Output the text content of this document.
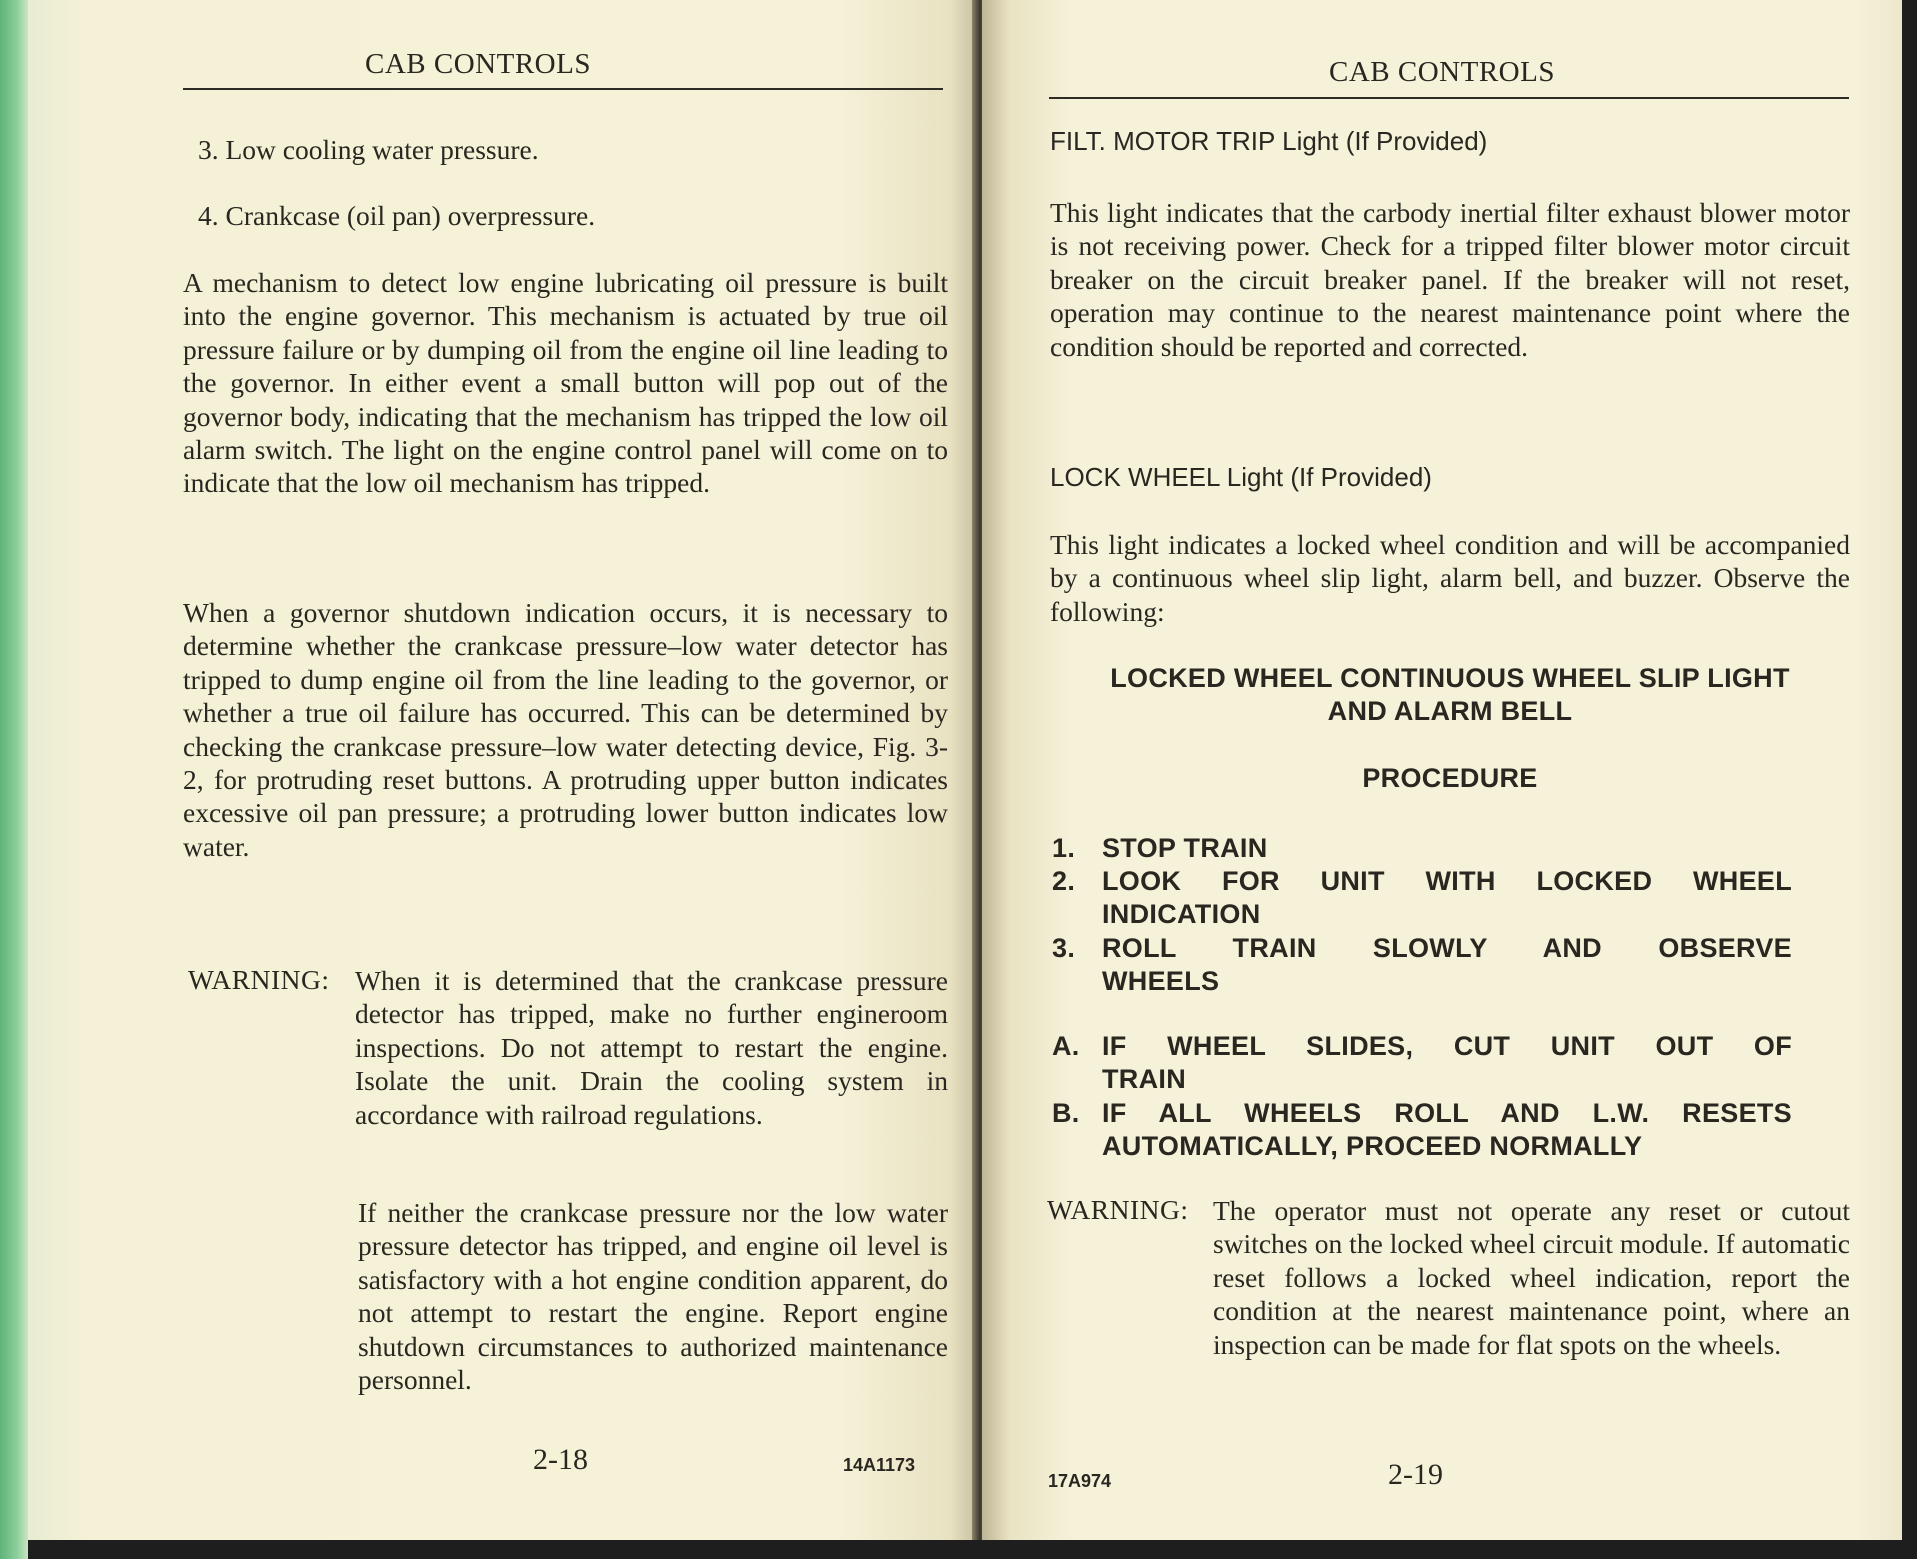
CAB CONTROLS
3. Low cooling water pressure.
4. Crankcase (oil pan) overpressure.

A mechanism to detect low engine lubricating oil pressure is built into the engine governor. This mechanism is actuated by true oil pressure failure or by dumping oil from the engine oil line leading to the governor. In either event a small button will pop out of the governor body, indicating that the mechanism has tripped the low oil alarm switch. The light on the engine control panel will come on to indicate that the low oil mechanism has tripped.

When a governor shutdown indication occurs, it is necessary to determine whether the crankcase pressure–low water detector has tripped to dump engine oil from the line leading to the governor, or whether a true oil failure has occurred. This can be determined by checking the crankcase pressure–low water detecting device, Fig. 3-2, for protruding reset buttons. A protruding upper button indicates excessive oil pan pressure; a protruding lower button indicates low water.

WARNING: When it is determined that the crankcase pressure detector has tripped, make no further engineroom inspections. Do not attempt to restart the engine. Isolate the unit. Drain the cooling system in accordance with railroad regulations.

If neither the crankcase pressure nor the low water pressure detector has tripped, and engine oil level is satisfactory with a hot engine condition apparent, do not attempt to restart the engine. Report engine shutdown circumstances to authorized maintenance personnel.

2-18	14A1173
CAB CONTROLS
FILT. MOTOR TRIP Light (If Provided)

This light indicates that the carbody inertial filter exhaust blower motor is not receiving power. Check for a tripped filter blower motor circuit breaker on the circuit breaker panel. If the breaker will not reset, operation may continue to the nearest maintenance point where the condition should be reported and corrected.

LOCK WHEEL Light (If Provided)

This light indicates a locked wheel condition and will be accompanied by a continuous wheel slip light, alarm bell, and buzzer. Observe the following:

LOCKED WHEEL CONTINUOUS WHEEL SLIP LIGHT
AND ALARM BELL
PROCEDURE
1. STOP TRAIN
2. LOOK FOR UNIT WITH LOCKED WHEEL INDICATION
3. ROLL TRAIN SLOWLY AND OBSERVE WHEELS
A. IF WHEEL SLIDES, CUT UNIT OUT OF TRAIN
B. IF ALL WHEELS ROLL AND L.W. RESETS AUTOMATICALLY, PROCEED NORMALLY
WARNING: The operator must not operate any reset or cutout switches on the locked wheel circuit module. If automatic reset follows a locked wheel indication, report the condition at the nearest maintenance point, where an inspection can be made for flat spots on the wheels.

17A974	2-19
